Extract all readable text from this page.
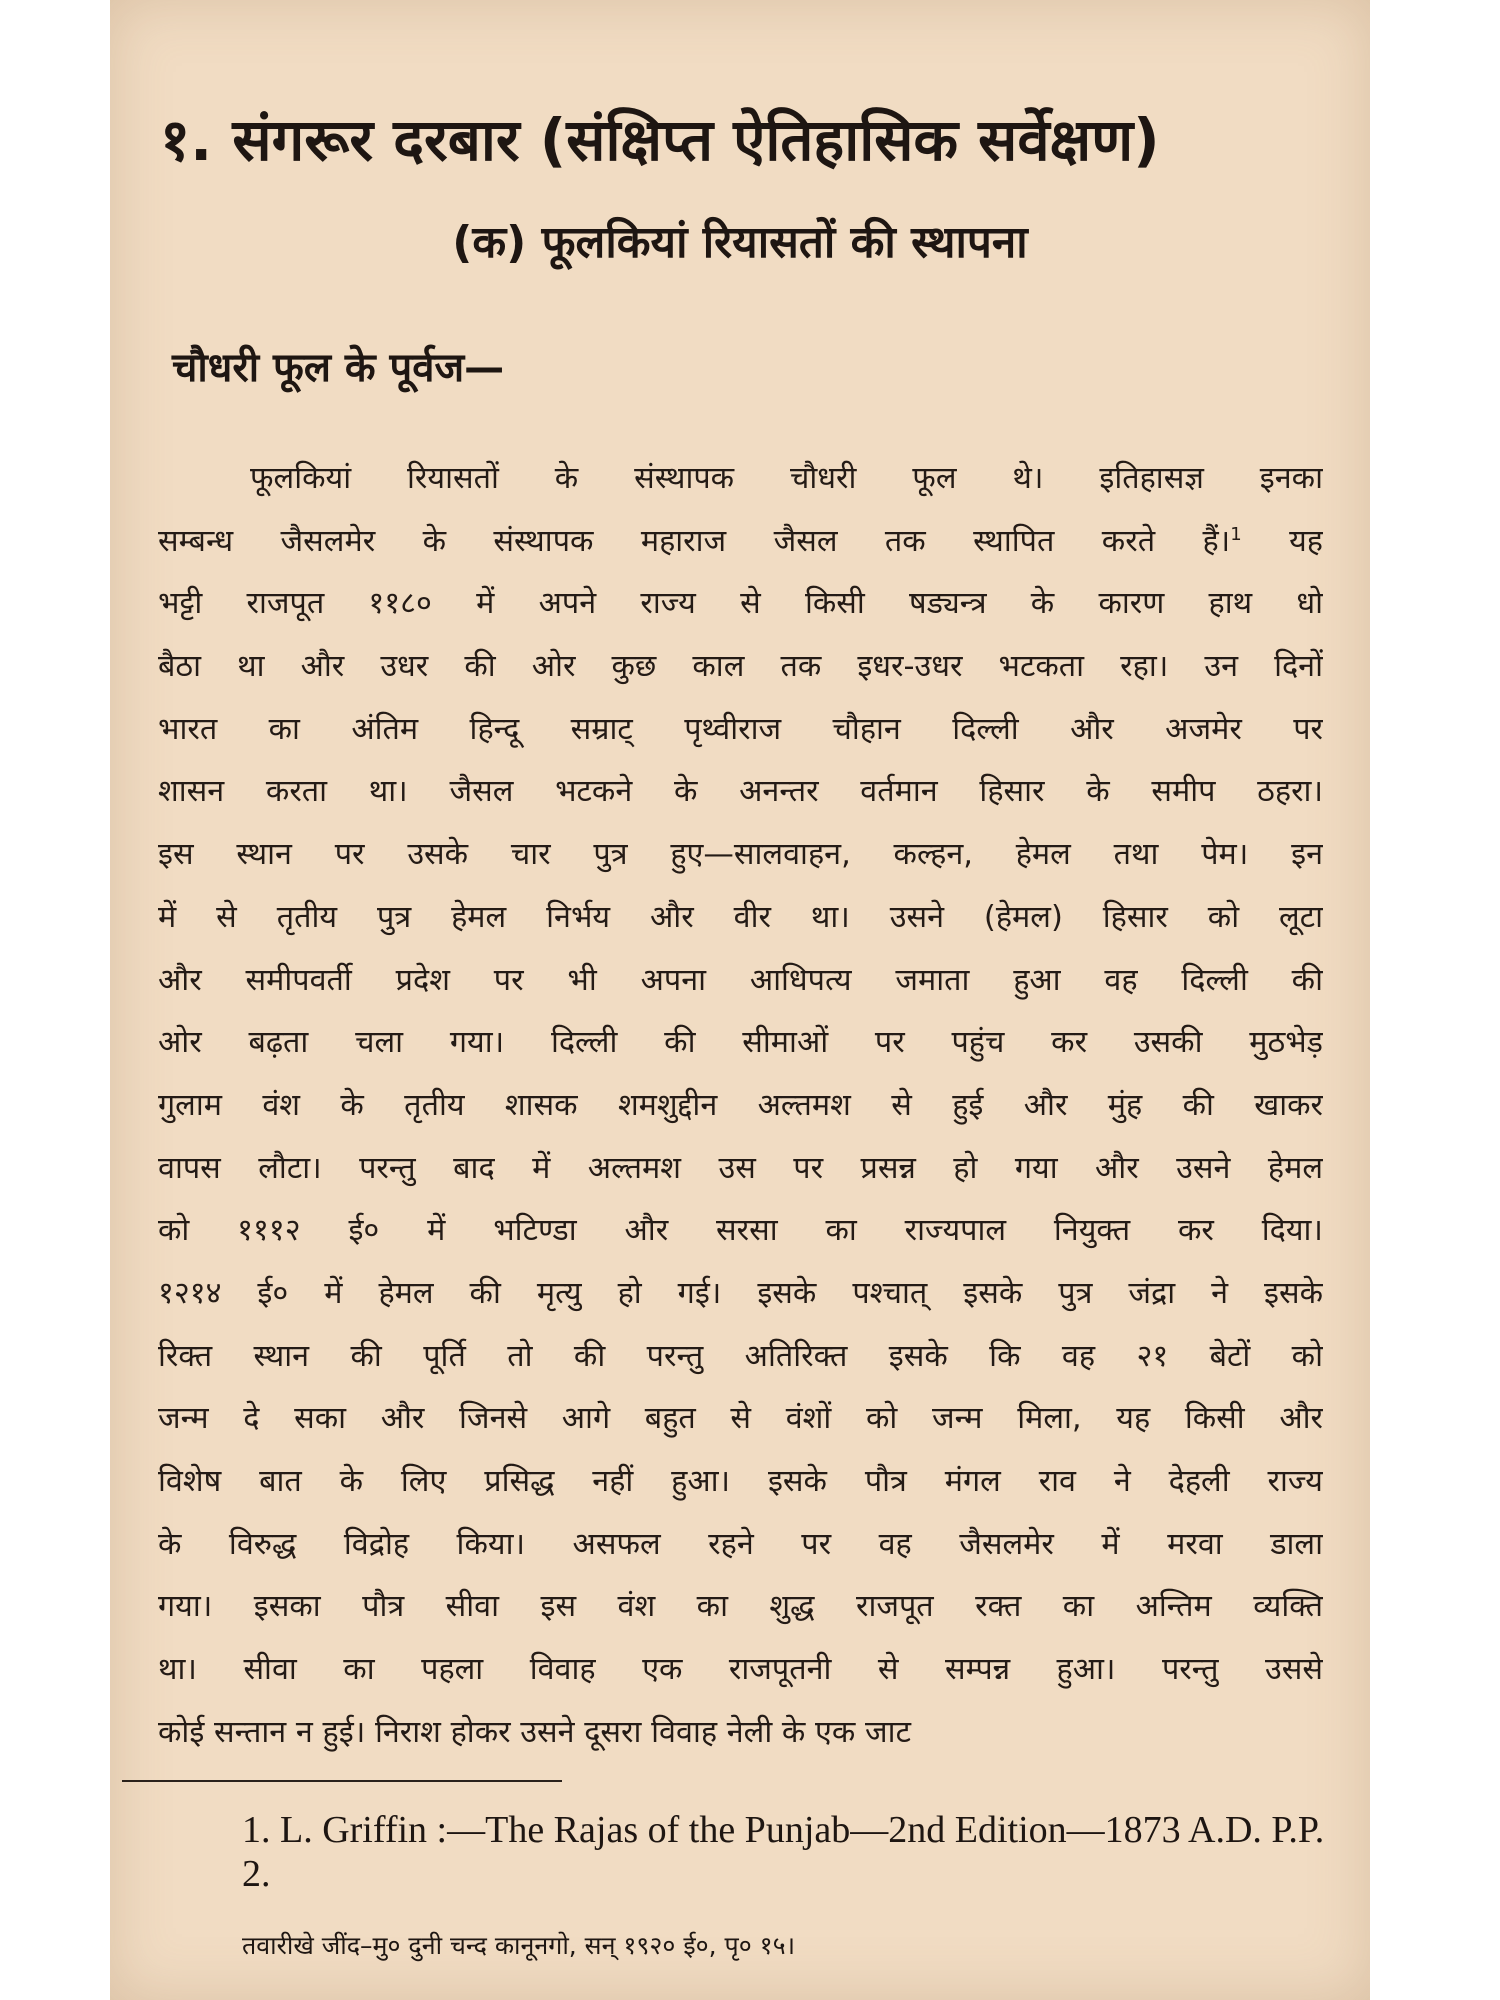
१. संगरूर दरबार (संक्षिप्त ऐतिहासिक सर्वेक्षण)
(क) फूलकियां रियासतों की स्थापना
चौधरी फूल के पूर्वज—
फूलकियां रियासतों के संस्थापक चौधरी फूल थे। इतिहासज्ञ इनका
सम्बन्ध जैसलमेर के संस्थापक महाराज जैसल तक स्थापित करते हैं।$^1$ यह
भट्टी राजपूत ११८० में अपने राज्य से किसी षड्यन्त्र के कारण हाथ धो
बैठा था और उधर की ओर कुछ काल तक इधर-उधर भटकता रहा। उन दिनों
भारत का अंतिम हिन्दू सम्राट् पृथ्वीराज चौहान दिल्ली और अजमेर पर
शासन करता था। जैसल भटकने के अनन्तर वर्तमान हिसार के समीप ठहरा।
इस स्थान पर उसके चार पुत्र हुए—सालवाहन, कल्हन, हेमल तथा पेम। इन
में से तृतीय पुत्र हेमल निर्भय और वीर था। उसने (हेमल) हिसार को लूटा
और समीपवर्ती प्रदेश पर भी अपना आधिपत्य जमाता हुआ वह दिल्ली की
ओर बढ़ता चला गया। दिल्ली की सीमाओं पर पहुंच कर उसकी मुठभेड़
गुलाम वंश के तृतीय शासक शमशुद्दीन अल्तमश से हुई और मुंह की खाकर
वापस लौटा। परन्तु बाद में अल्तमश उस पर प्रसन्न हो गया और उसने हेमल
को १११२ ई० में भटिण्डा और सरसा का राज्यपाल नियुक्त कर दिया।
१२१४ ई० में हेमल की मृत्यु हो गई। इसके पश्चात् इसके पुत्र जंद्रा ने इसके
रिक्त स्थान की पूर्ति तो की परन्तु अतिरिक्त इसके कि वह २१ बेटों को
जन्म दे सका और जिनसे आगे बहुत से वंशों को जन्म मिला, यह किसी और
विशेष बात के लिए प्रसिद्ध नहीं हुआ। इसके पौत्र मंगल राव ने देहली राज्य
के विरुद्ध विद्रोह किया। असफल रहने पर वह जैसलमेर में मरवा डाला
गया। इसका पौत्र सीवा इस वंश का शुद्ध राजपूत रक्त का अन्तिम व्यक्ति
था। सीवा का पहला विवाह एक राजपूतनी से सम्पन्न हुआ। परन्तु उससे
कोई सन्तान न हुई। निराश होकर उसने दूसरा विवाह नेली के एक जाट
1. L. Griffin :—The Rajas of the Punjab—2nd Edition—1873 A.D. P.P. 2.
तवारीखे जींद–मु० दुनी चन्द कानूनगो, सन् १९२० ई०, पृ० १५।
